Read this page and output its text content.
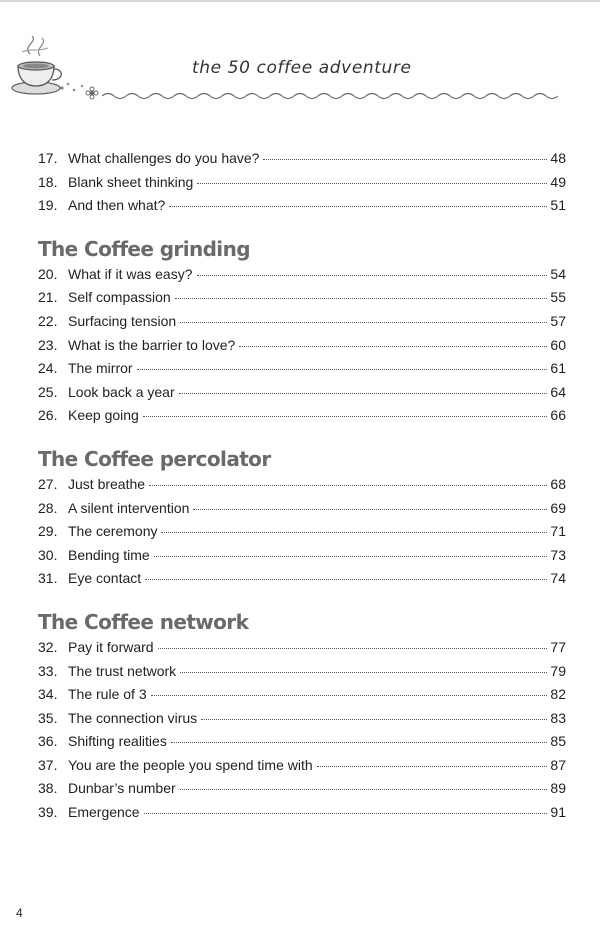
the 50 coffee adventure
17. What challenges do you have?	48
18. Blank sheet thinking	49
19. And then what?	51
The Coffee grinding
20. What if it was easy?	54
21. Self compassion	55
22. Surfacing tension	57
23. What is the barrier to love?	60
24. The mirror	61
25. Look back a year	64
26. Keep going	66
The Coffee percolator
27. Just breathe	68
28. A silent intervention	69
29. The ceremony	71
30. Bending time	73
31. Eye contact	74
The Coffee network
32. Pay it forward	77
33. The trust network	79
34. The rule of 3	82
35. The connection virus	83
36. Shifting realities	85
37. You are the people you spend time with	87
38. Dunbar’s number	89
39. Emergence	91
4
